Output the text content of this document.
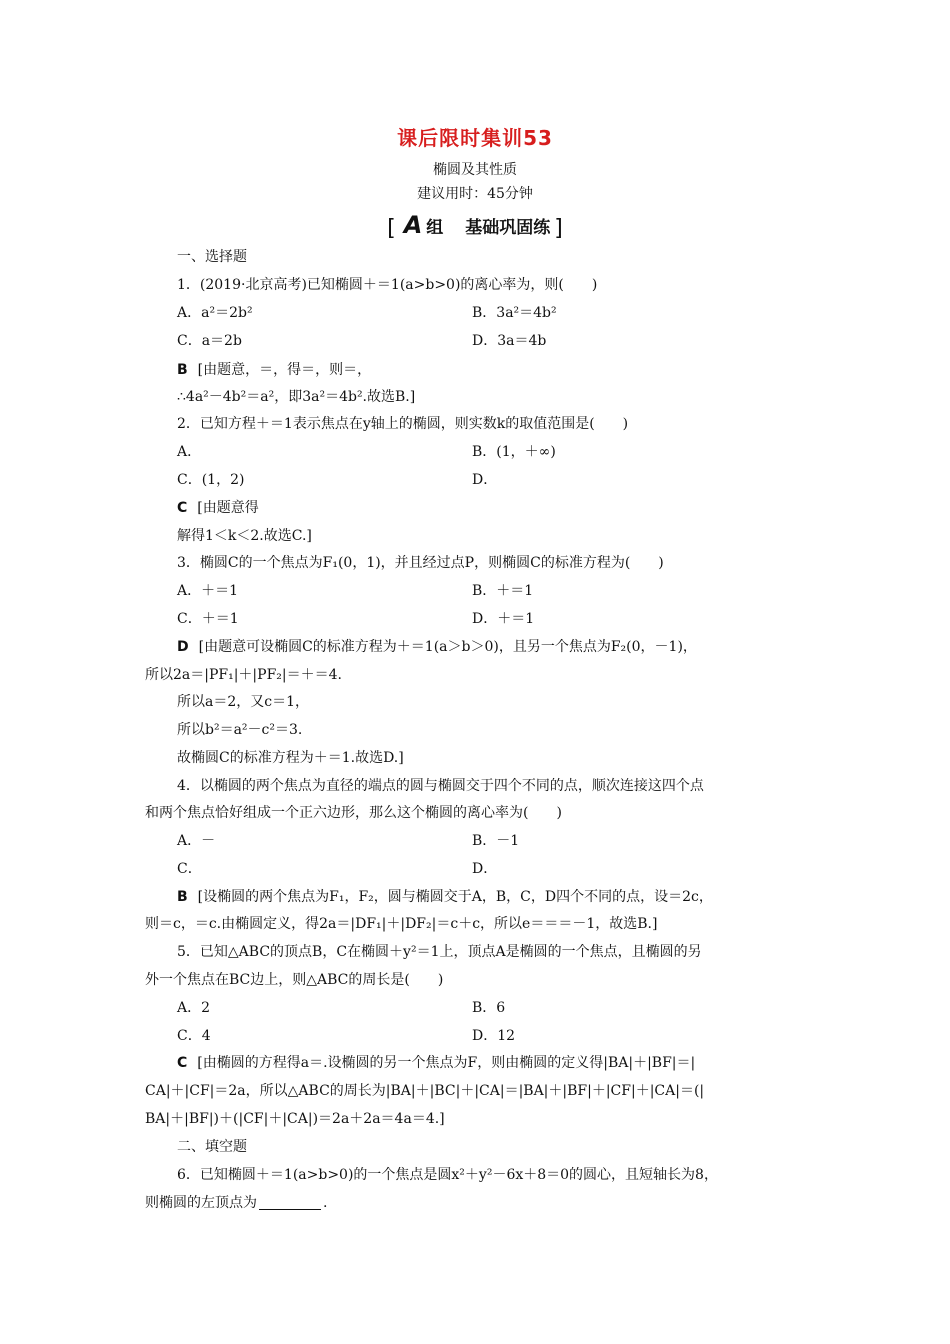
课后限时集训53
椭圆及其性质
建议用时：45分钟
[ A 组 基础巩固练 ]
一、选择题
1．(2019·北京高考)已知椭圆＋＝1(a>b>0)的离心率为，则(　　)
A．a²＝2b²	B．3a²＝4b²
C．a＝2b	D．3a＝4b
B [由题意，＝，得＝，则＝，
∴4a²－4b²＝a²，即3a²＝4b².故选B.]
2．已知方程＋＝1表示焦点在y轴上的椭圆，则实数k的取值范围是(　　)
A．	B．(1，＋∞)
C．(1，2)	D．
C [由题意得
解得1＜k＜2.故选C.]
3．椭圆C的一个焦点为F₁(0，1)，并且经过点P，则椭圆C的标准方程为(　　)
A．＋＝1	B．＋＝1
C．＋＝1	D．＋＝1
D [由题意可设椭圆C的标准方程为＋＝1(a＞b＞0)，且另一个焦点为F₂(0，－1)，
所以2a＝|PF₁|＋|PF₂|＝＋＝4.
所以a＝2，又c＝1，
所以b²＝a²－c²＝3.
故椭圆C的标准方程为＋＝1.故选D.]
4．以椭圆的两个焦点为直径的端点的圆与椭圆交于四个不同的点，顺次连接这四个点
和两个焦点恰好组成一个正六边形，那么这个椭圆的离心率为(　　)
A．－	B．－1
C．	D．
B [设椭圆的两个焦点为F₁，F₂，圆与椭圆交于A，B，C，D四个不同的点，设＝2c，
则＝c，＝c.由椭圆定义，得2a＝|DF₁|＋|DF₂|＝c＋c，所以e＝＝＝－1，故选B.]
5．已知△ABC的顶点B，C在椭圆＋y²＝1上，顶点A是椭圆的一个焦点，且椭圆的另
外一个焦点在BC边上，则△ABC的周长是(　　)
A．2	B．6
C．4	D．12
C [由椭圆的方程得a＝.设椭圆的另一个焦点为F，则由椭圆的定义得|BA|＋|BF|＝|
CA|＋|CF|＝2a，所以△ABC的周长为|BA|＋|BC|＋|CA|＝|BA|＋|BF|＋|CF|＋|CA|＝(|
BA|＋|BF|)＋(|CF|＋|CA|)＝2a＋2a＝4a＝4.]
二、填空题
6．已知椭圆＋＝1(a>b>0)的一个焦点是圆x²＋y²－6x＋8＝0的圆心，且短轴长为8，
则椭圆的左顶点为	.
